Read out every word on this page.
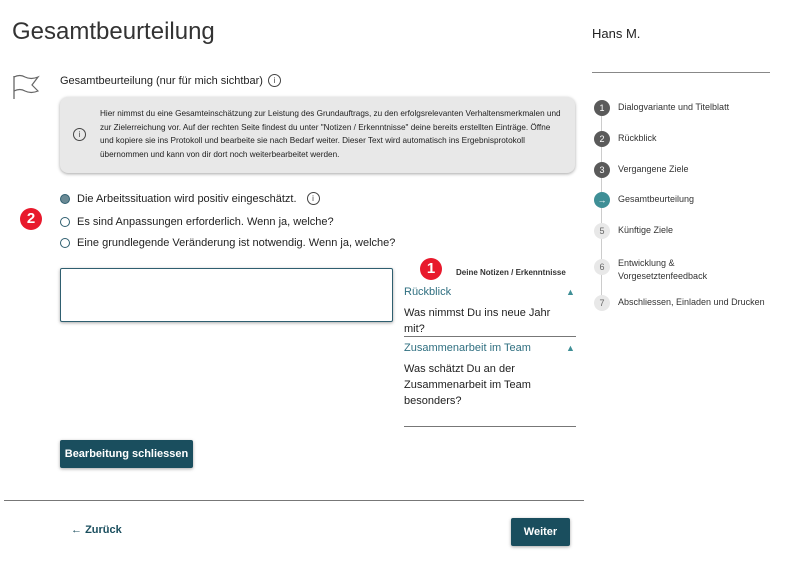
Gesamtbeurteilung	Hans M.
Gesamtbeurteilung (nur für mich sichtbar)	i
i
Hier nimmst du eine Gesamteinschätzung zur Leistung des Grundauftrags, zu den erfolgsrelevanten Verhaltensmerkmalen und zur Zielerreichung vor. Auf der rechten Seite findest du unter "Notizen / Erkenntnisse" deine bereits erstellten Einträge. Öffne und kopiere sie ins Protokoll und bearbeite sie nach Bedarf weiter. Dieser Text wird automatisch ins Ergebnisprotokoll übernommen und kann von dir dort noch weiterbearbeitet werden.
2
Die Arbeitssituation wird positiv eingeschätzt.	i
Es sind Anpassungen erforderlich. Wenn ja, welche?
Eine grundlegende Veränderung ist notwendig. Wenn ja, welche?
1	Deine Notizen / Erkenntnisse
Rückblick	▲
Was nimmst Du ins neue Jahr mit?
Zusammenarbeit im Team	▲
Was schätzt Du an der Zusammenarbeit im Team besonders?
Bearbeitung schliessen
← Zurück	Weiter
1	Dialogvariante und Titelblatt
2	Rückblick
3	Vergangene Ziele
→	Gesamtbeurteilung
5	Künftige Ziele
6	Entwicklung & Vorgesetztenfeedback
7	Abschliessen, Einladen und Drucken
